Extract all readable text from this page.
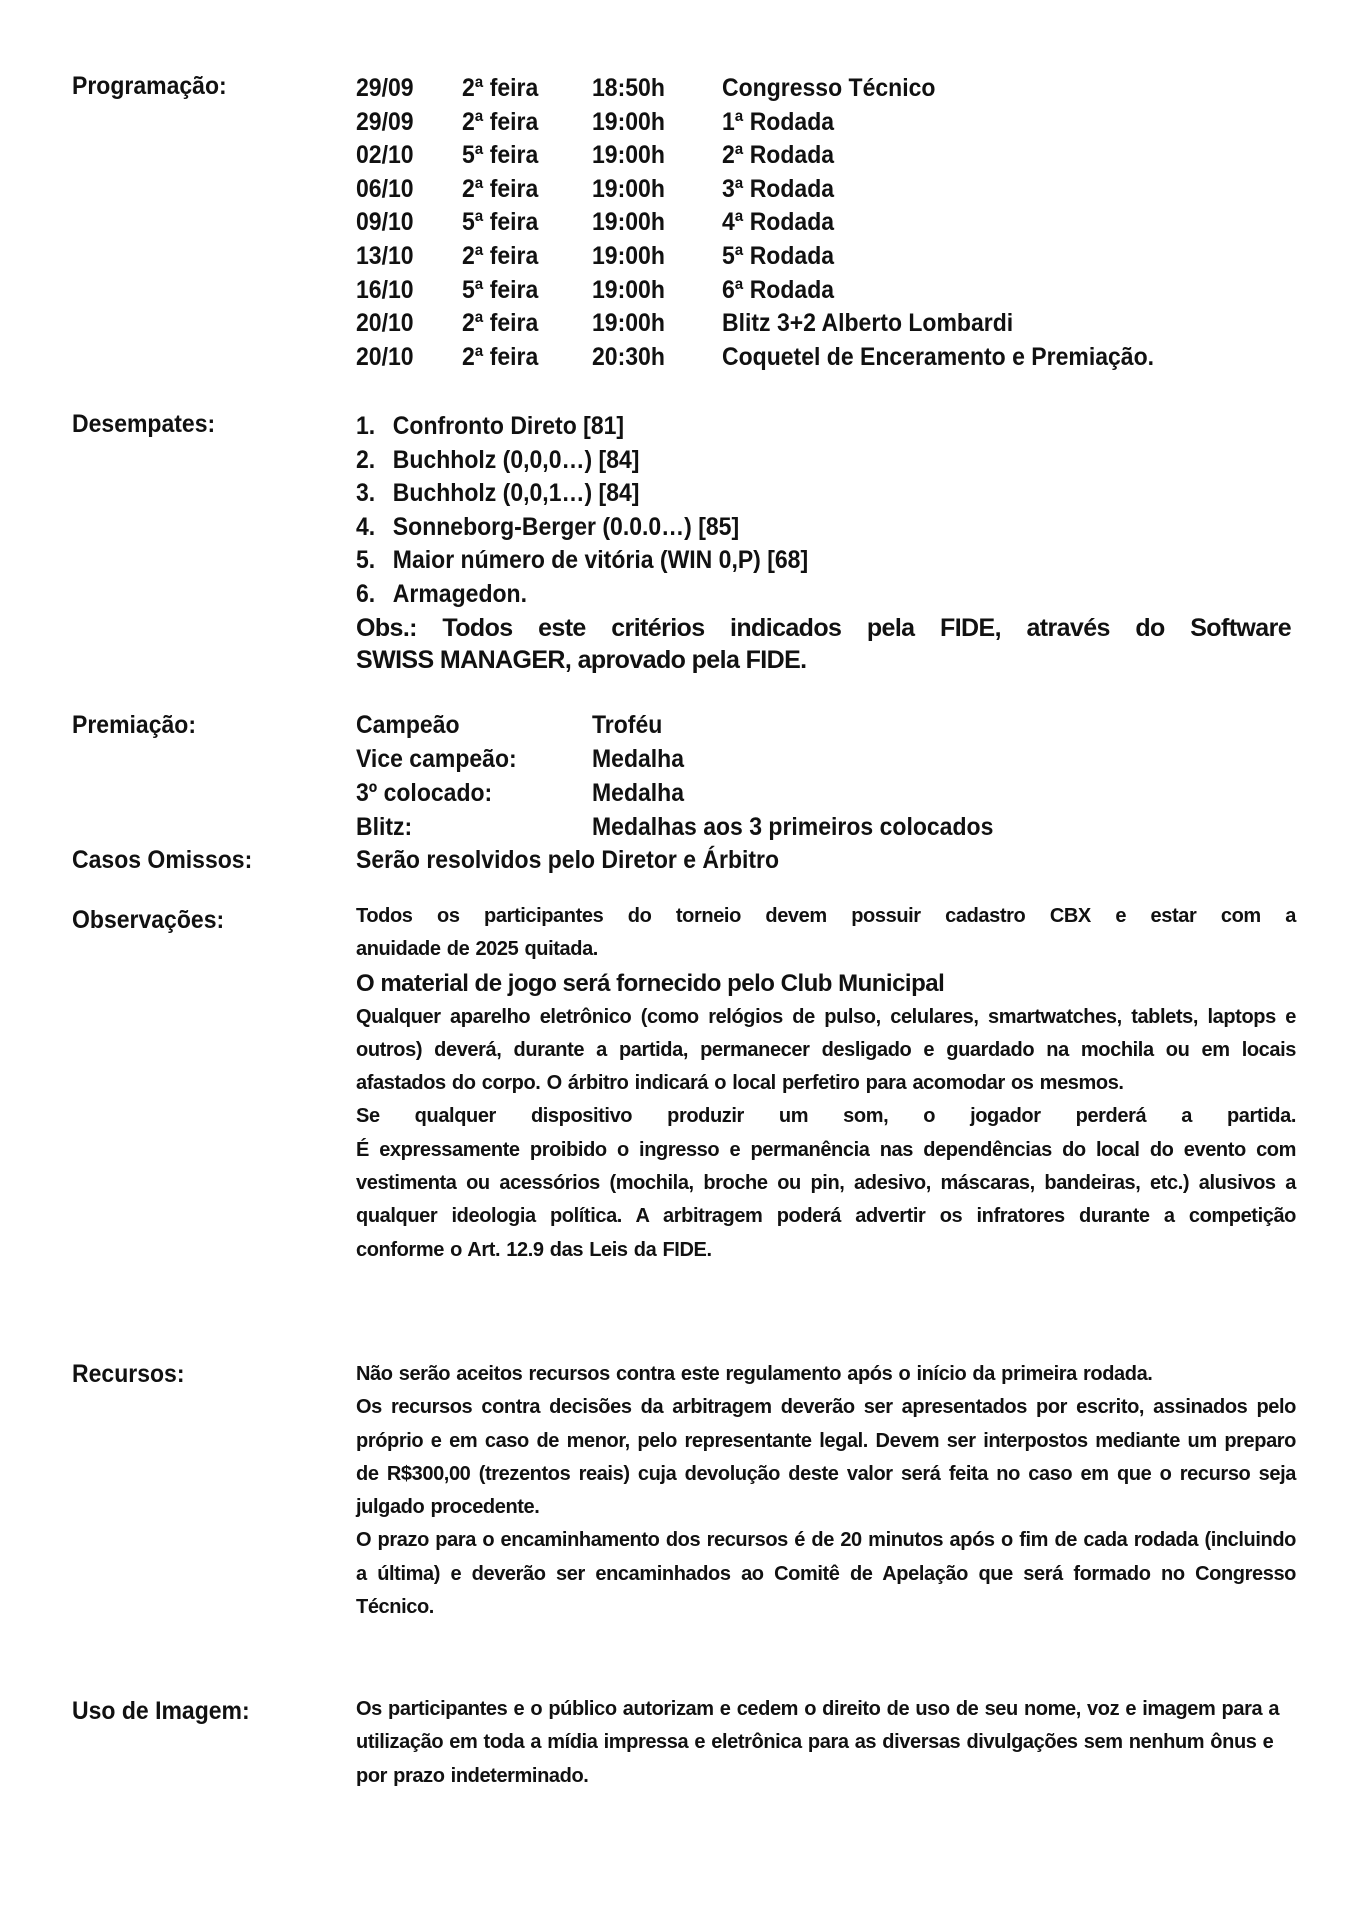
Programação:	29/09 2ª feira 18:50h Congresso Técnico
29/09 2ª feira 19:00h 1ª Rodada
02/10 5ª feira 19:00h 2ª Rodada
06/10 2ª feira 19:00h 3ª Rodada
09/10 5ª feira 19:00h 4ª Rodada
13/10 2ª feira 19:00h 5ª Rodada
16/10 5ª feira 19:00h 6ª Rodada
20/10 2ª feira 19:00h Blitz 3+2 Alberto Lombardi
20/10 2ª feira 20:30h Coquetel de Enceramento e Premiação.
Desempates:	1. Confronto Direto [81]
2. Buchholz (0,0,0…) [84]
3. Buchholz (0,0,1…) [84]
4. Sonneborg-Berger (0.0.0…) [85]
5. Maior número de vitória (WIN 0,P) [68]
6. Armagedon.
Obs.: Todos este critérios indicados pela FIDE, através do Software
SWISS MANAGER, aprovado pela FIDE.
Premiação:	Campeão	Troféu
Vice campeão:	Medalha
3º colocado:	Medalha
Blitz:	Medalhas aos 3 primeiros colocados
Casos Omissos:	Serão resolvidos pelo Diretor e Árbitro
Observações:	Todos os participantes do torneio devem possuir cadastro CBX e estar com a
anuidade de 2025 quitada.

O material de jogo será fornecido pelo Club Municipal

Qualquer aparelho eletrônico (como relógios de pulso, celulares, smartwatches, tablets, laptops e outros) deverá, durante a partida, permanecer desligado e guardado na mochila ou em locais afastados do corpo. O árbitro indicará o local perfetiro para acomodar os mesmos.

Se qualquer dispositivo produzir um som, o jogador perderá a partida.
É expressamente proibido o ingresso e permanência nas dependências do local do evento com vestimenta ou acessórios (mochila, broche ou pin, adesivo, máscaras, bandeiras, etc.) alusivos a qualquer ideologia política. A arbitragem poderá advertir os infratores durante a competição conforme o Art. 12.9 das Leis da FIDE.

Recursos:	Não serão aceitos recursos contra este regulamento após o início da primeira rodada.

Os recursos contra decisões da arbitragem deverão ser apresentados por escrito, assinados pelo próprio e em caso de menor, pelo representante legal. Devem ser interpostos mediante um preparo de R$300,00 (trezentos reais) cuja devolução deste valor será feita no caso em que o recurso seja julgado procedente.

O prazo para o encaminhamento dos recursos é de 20 minutos após o fim de cada rodada (incluindo a última) e deverão ser encaminhados ao Comitê de Apelação que será formado no Congresso Técnico.

Uso de Imagem:	Os participantes e o público autorizam e cedem o direito de uso de seu nome, voz e imagem para a utilização em toda a mídia impressa e eletrônica para as diversas divulgações sem nenhum ônus e por prazo indeterminado.
